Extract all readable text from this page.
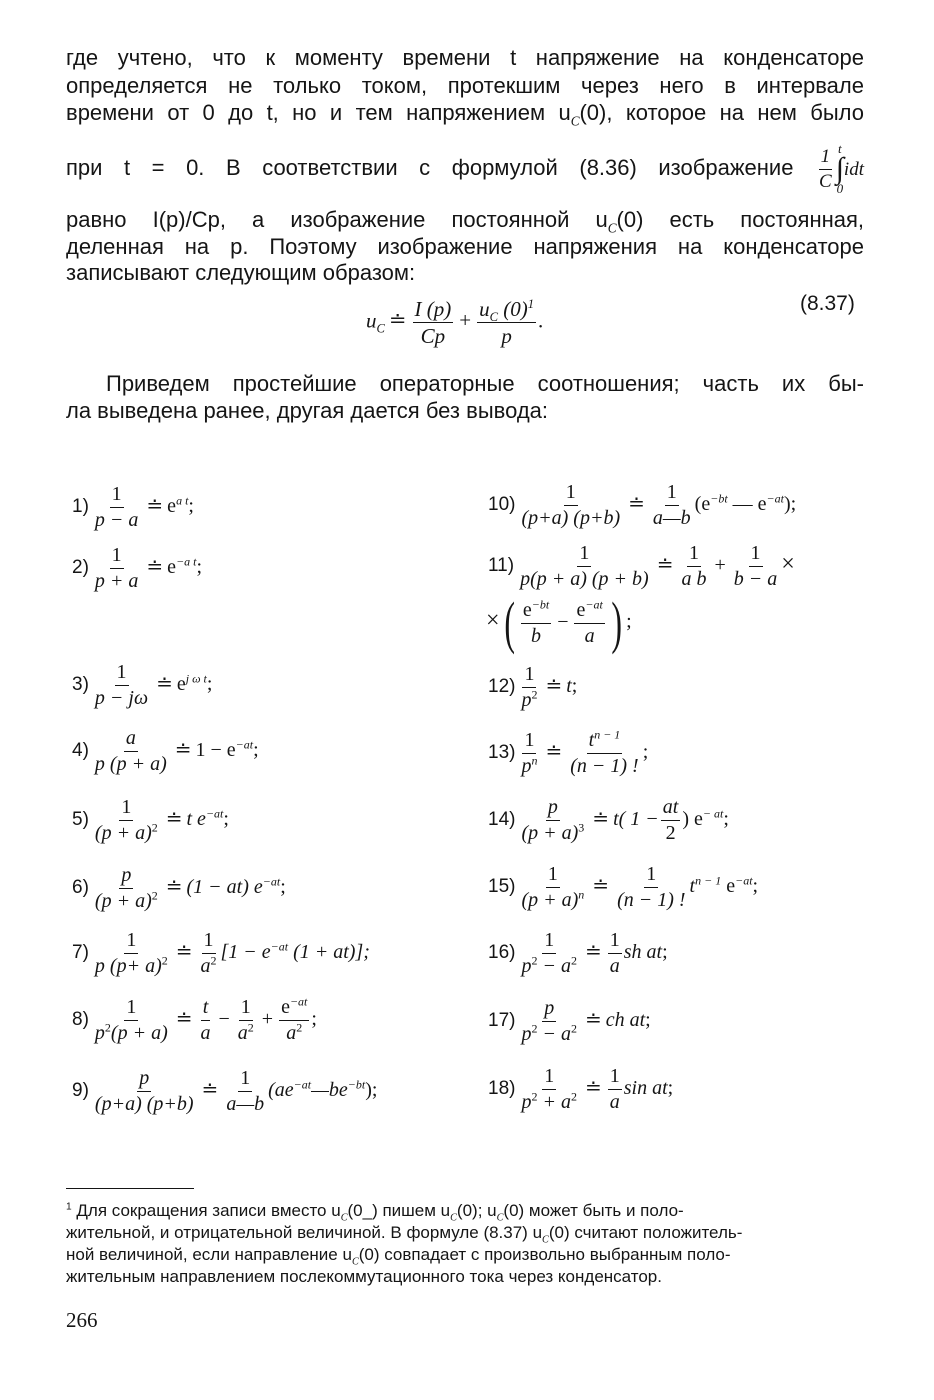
где учтено, что к моменту времени t напряжение на конденсаторе
определяется не только током, протекшим через него в интервале
времени от 0 до t, но и тем напряжением $u_C(0)$, которое на нем было
при t = 0. В соответствии с формулой (8.36) изображение $\frac{1}{C}$ t
∫
0
idt
равно I(p)/Cp, а изображение постоянной $u_C(0)$ есть постоянная,
деленная на p. Поэтому изображение напряжения на конденсаторе
записывают следующим образом:
$u_C$ ≐ $\frac{I (p)}{Cp} + \frac{u_C (0)^1}{p}$ .
(8.37)
Приведем простейшие операторные соотношения; часть их бы-
ла выведена ранее, другая дается без вывода:
$1) \frac{1}{p - a}$ ≐ $e^{a t}$;
$2) \frac{1}{p + a}$ ≐ $e^{-a t}$;
$3) \frac{1}{p - j\omega}$ ≐ $e^{j \omega t}$;
$4) \frac{a}{p (p + a)}$ ≐ $1 - e^{-at}$;
$5) \frac{1}{(p + a)^2}$ ≐ t $e^{-at}$;
$6) \frac{p}{(p + a)^2}$ ≐ (1 − at) $e^{-at}$;
$7) \frac{1}{p (p+ a)^2}$ ≐ $\frac{1}{a^2} [1 - e^{-at}$ (1 + at)];
$8) \frac{1}{p^2(p + a)}$ ≐ $\frac{t}{a} - \frac{1}{a^2} + \frac{e^{-at}}{a^2}$ ;
$9) \frac{p}{(p+a) (p+b)}$ ≐ $\frac{1}{a—b}$ $(ae^{-at}—be^{-bt})$;
$10) \frac{1}{(p+a) (p+b)}$ ≐ $\frac{1}{a—b} (e^{-bt}$ — $e^{-at}$);
$11) \frac{1}{p(p + a) (p + b)}$ ≐ $\frac{1}{\text{a b}} + \frac{1}{b - a}$ ×
×( $\frac{e^{-bt}}{b} - \frac{e^{-at}}{a}$ ) ;
$12) \frac{1}{p^2}$ ≐ t;
$13) \frac{1}{p^n}$ ≐ $\frac{t^{n - 1}}{(n - 1) !}$ ;
$14) \frac{p}{(p + a)^3}$ ≐ t( $1 - \frac{at}{2}$ ) $e^{- at}$;
$15) \frac{1}{(p + a)^n}$ ≐ $\frac{1}{(n - 1) !} t^{n - 1}$ $e^{-at}$;
$16) \frac{1}{p^2 - a^2}$ ≐ $\frac{1}{a}$ sh at;
$17) \frac{p}{p^2 - a^2}$ ≐ ch at;
$18) \frac{1}{p^2 + a^2}$ ≐ $\frac{1}{a}$ sin at;
$^1$ Для сокращения записи вместо $u_C(0\_)$ пишем $u_C(0)$; $u_C(0)$ может быть и поло-
жительной, и отрицательной величиной. В формуле (8.37) $u_C(0)$ считают положитель-
ной величиной, если направление $u_C(0)$ совпадает с произвольно выбранным поло-
жительным направлением послекоммутационного тока через конденсатор.
266
